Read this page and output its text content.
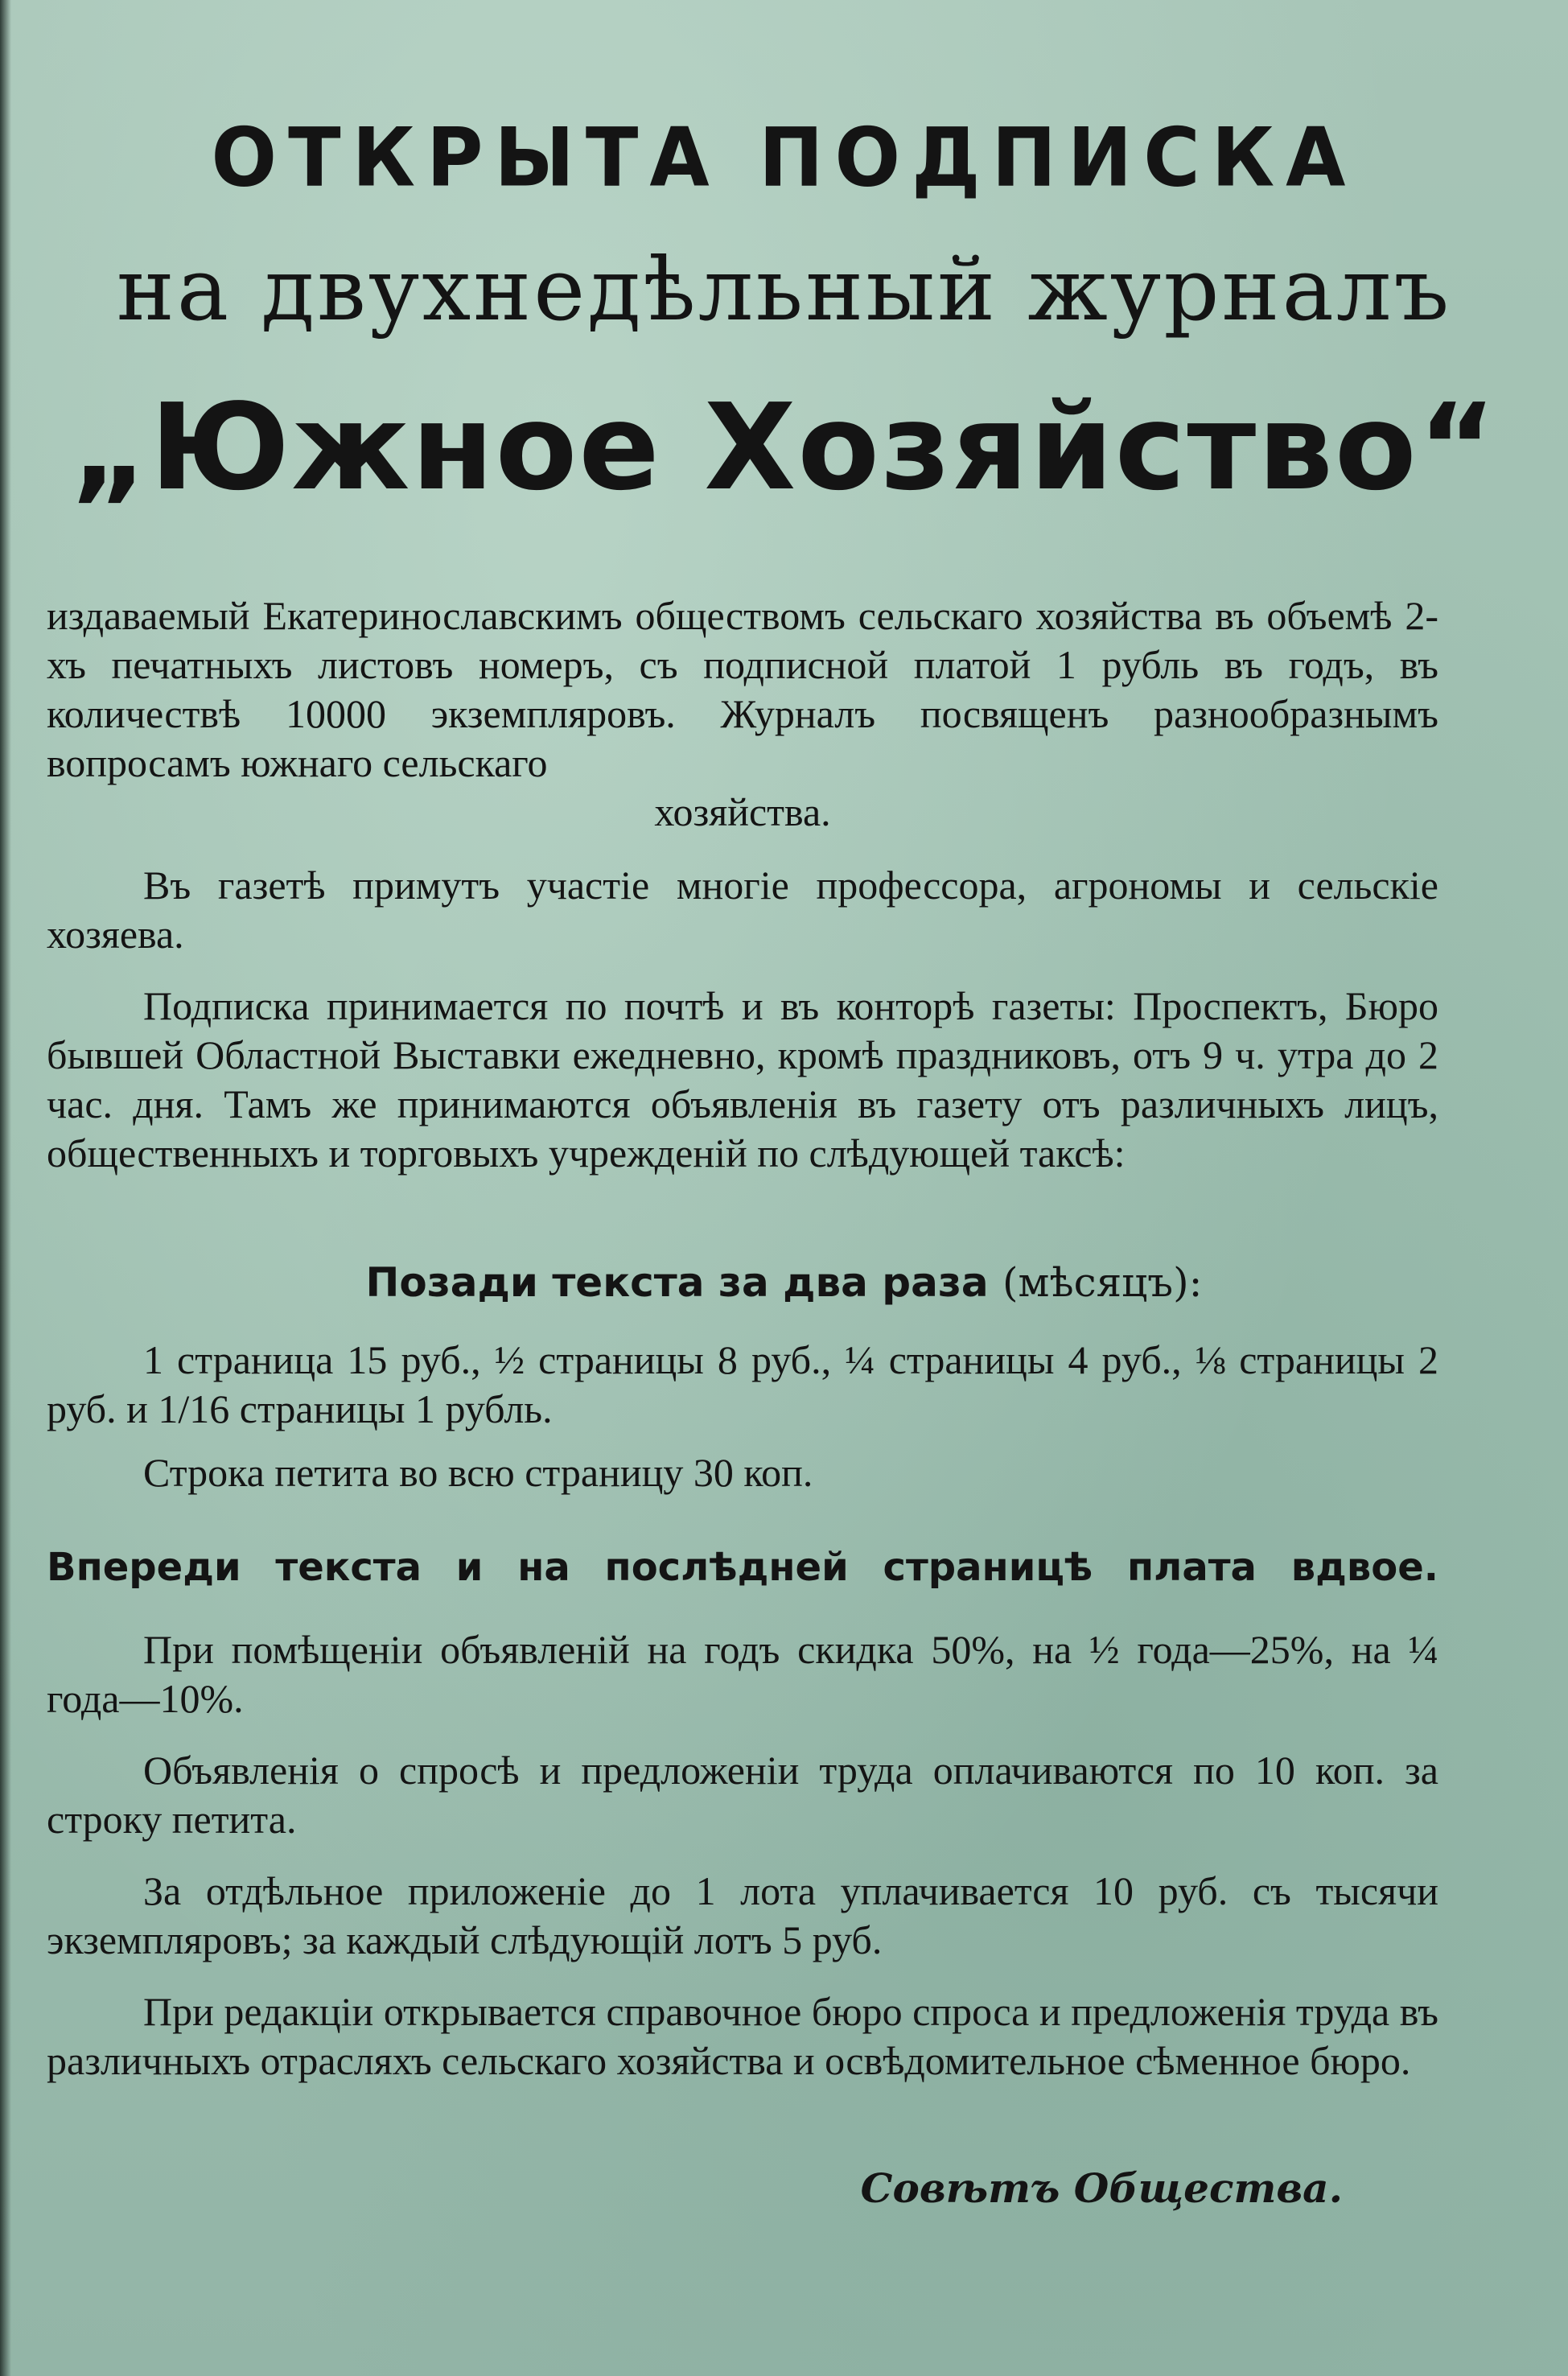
ОТКРЫТА ПОДПИСКА
на двухнедѣльный журналъ
„Южное Хозяйство“

издаваемый Екатеринославскимъ обществомъ сельскаго хозяйства въ объемѣ 2-хъ печатныхъ листовъ номеръ, съ подписной платой 1 рубль въ годъ, въ количествѣ 10000 экземпляровъ. Журналъ посвященъ разнообразнымъ вопросамъ южнаго сельскаго

хозяйства.

Въ газетѣ примутъ участiе многiе профессора, агрономы и сельскiе хозяева.

Подписка принимается по почтѣ и въ конторѣ газеты: Проспектъ, Бюро бывшей Областной Выставки ежедневно, кромѣ праздниковъ, отъ 9 ч. утра до 2 час. дня. Тамъ же принимаются объявленiя въ газету отъ различныхъ лицъ, общественныхъ и торговыхъ учрежденiй по слѣдующей таксѣ:

Позади текста за два раза (мѣсяцъ):

1 страница 15 руб., ½ страницы 8 руб., ¼ страницы 4 руб., ⅛ страницы 2 руб. и 1/16 страницы 1 рубль.

Строка петита во всю страницу 30 коп.

Впереди текста и на послѣдней страницѣ плата вдвое.

При помѣщенiи объявленiй на годъ скидка 50%, на ½ года—25%, на ¼ года—10%.

Объявленiя о спросѣ и предложенiи труда оплачиваются по 10 коп. за строку петита.

За отдѣльное приложенiе до 1 лота уплачивается 10 руб. съ тысячи экземпляровъ; за каждый слѣдующiй лотъ 5 руб.

При редакцiи открывается справочное бюро спроса и предложенiя труда въ различныхъ отрасляхъ сельскаго хозяйства и освѣдомительное сѣменное бюро.

Совѣтъ Общества.
